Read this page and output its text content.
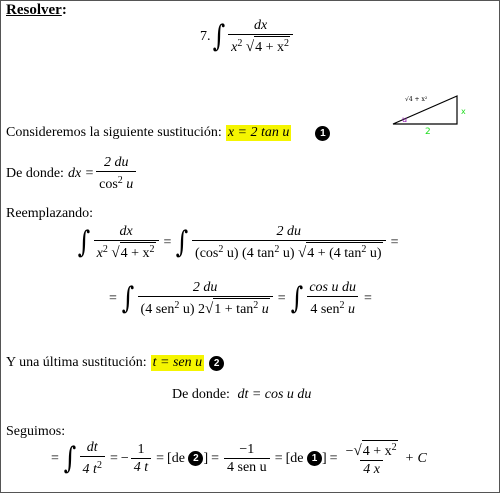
Resolver:
7. ∫ $\frac{dx}{x^2 √ 4 + x^2}$
√4 + x²
x
2
u
Consideremos la siguiente sustitución: x = 2 tan u	1
De donde: dx = $\frac{2 du}{\cos^2 u}$
Reemplazando:
∫ $\frac{dx}{x^2 √ 4 + x^2}$ = ∫ $\frac{2 du}{(\cos^2 u) (4 \tan^2 u) √ 4 + (4 \tan^2 u)}$ =
= ∫ $\frac{2 du}{(4 sen^2 u) 2 √ 1 + \tan^2 u}$ = ∫ $\frac{\text{cos u du}}{4 sen^2 u}$ =
Y una última sustitución: t = sen u	2
De donde: dt = cos u du
Seguimos:
= ∫ $\frac{dt}{4 t^2}$ = − $\frac{1}{4 t} = [de$
2 ] = $\frac{-1}{\text{4 sen u}} = [de$
1 ] = $\frac{- √ 4 + x^2}{4 x} + C$
